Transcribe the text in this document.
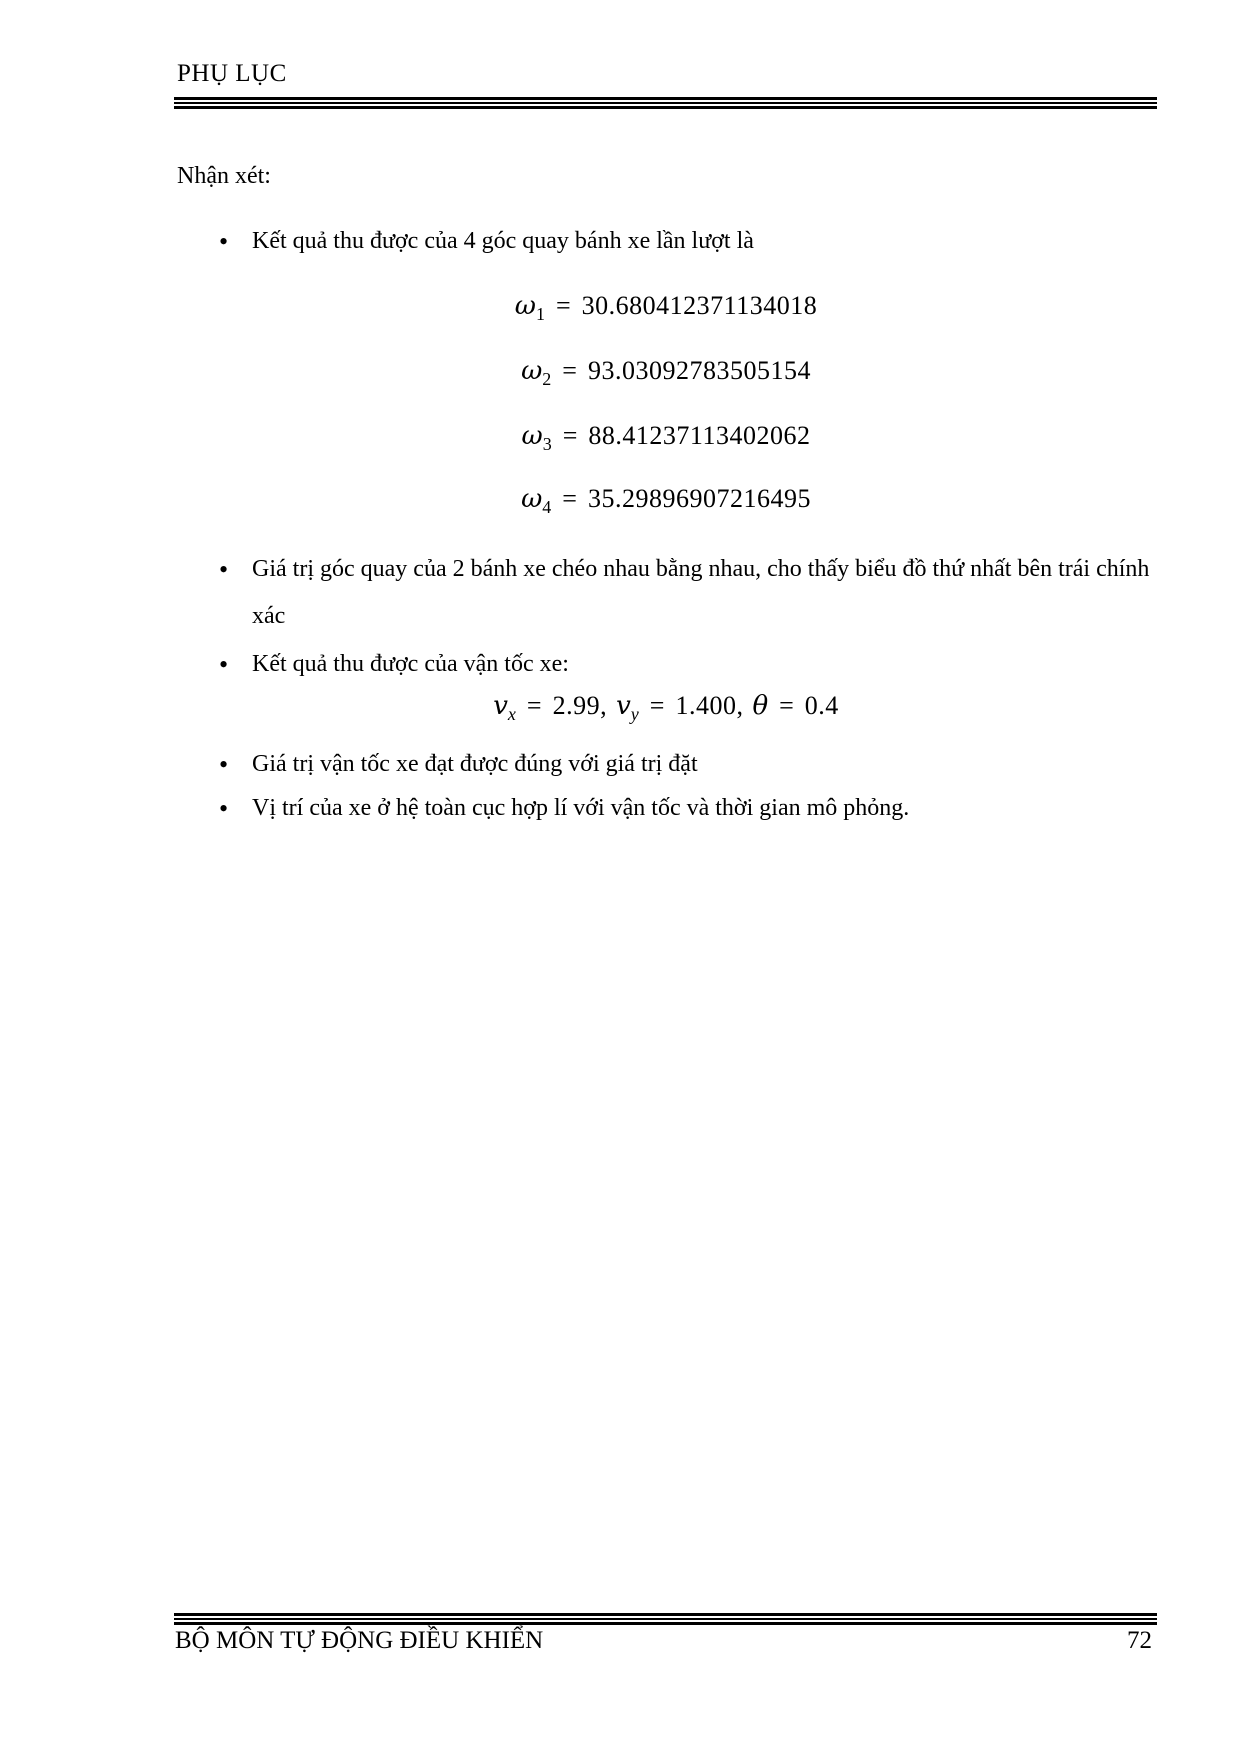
PHỤ LỤC
Nhận xét:
• Kết quả thu được của 4 góc quay bánh xe lần lượt là
$\omega_1 = 30.680412371134018$
$\omega_2 = 93.03092783505154$
$\omega_3 = 88.41237113402062$
$\omega_4 = 35.29896907216495$
• Giá trị góc quay của 2 bánh xe chéo nhau bằng nhau, cho thấy biểu đồ thứ nhất bên trái chính xác
• Kết quả thu được của vận tốc xe:
$v_x = 2.99$, $v_y = 1.400$, θ = 0.4
• Giá trị vận tốc xe đạt được đúng với giá trị đặt
• Vị trí của xe ở hệ toàn cục hợp lí với vận tốc và thời gian mô phỏng.
BỘ MÔN TỰ ĐỘNG ĐIỀU KHIỂN	72
